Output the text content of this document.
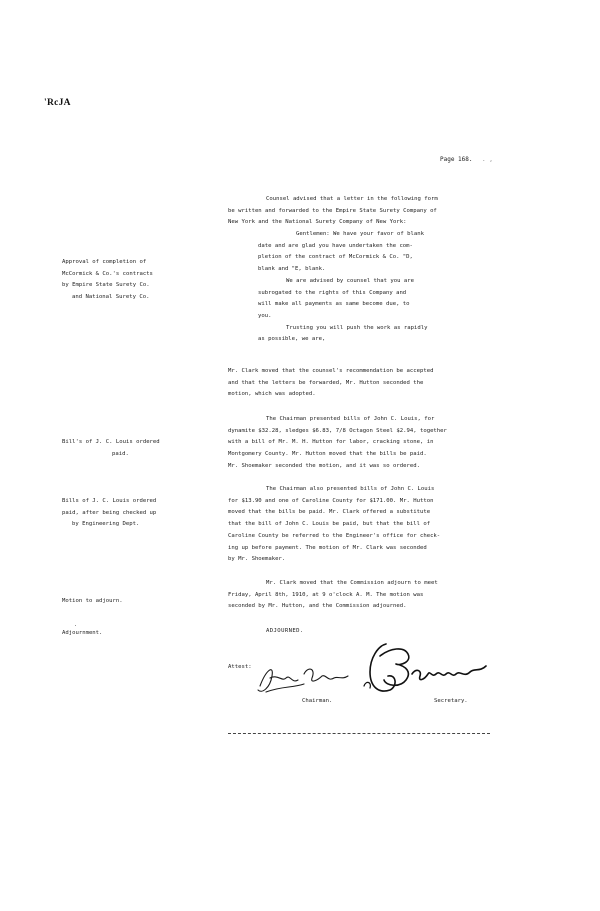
'RcJA
Page 168. . ,
Approval of completion of
McCormick & Co.'s contracts
by Empire State Surety Co.
and National Surety Co.
Bill's of J. C. Louis ordered
paid.
Bills of J. C. Louis ordered
paid, after being checked up
by Engineering Dept.
Motion to adjourn.
.
Adjournment.
Counsel advised that a letter in the following form
be written and forwarded to the Empire State Surety Company of
New York and the National Surety Company of New York:
Gentlemen: We have your favor of blank
date and are glad you have undertaken the com-
pletion of the contract of McCormick & Co. "D,
blank and "E, blank.
We are advised by counsel that you are
subrogated to the rights of this Company and
will make all payments as same become due, to
you.
Trusting you will push the work as rapidly
as possible, we are,
Mr. Clark moved that the counsel's recommendation be accepted
and that the letters be forwarded, Mr. Hutton seconded the
motion, which was adopted.
The Chairman presented bills of John C. Louis, for
dynamite $32.28, sledges $6.83, 7/8 Octagon Steel $2.94, together
with a bill of Mr. M. H. Hutton for labor, cracking stone, in
Montgomery County. Mr. Hutton moved that the bills be paid.
Mr. Shoemaker seconded the motion, and it was so ordered.
The Chairman also presented bills of John C. Louis
for $13.90 and one of Caroline County for $171.00. Mr. Hutton
moved that the bills be paid. Mr. Clark offered a substitute
that the bill of John C. Louis be paid, but that the bill of
Caroline County be referred to the Engineer's office for check-
ing up before payment. The motion of Mr. Clark was seconded
by Mr. Shoemaker.
Mr. Clark moved that the Commission adjourn to meet
Friday, April 8th, 1910, at 9 o'clock A. M. The motion was
seconded by Mr. Hutton, and the Commission adjourned.
ADJOURNED.
Attest:
Chairman.	Secretary.
